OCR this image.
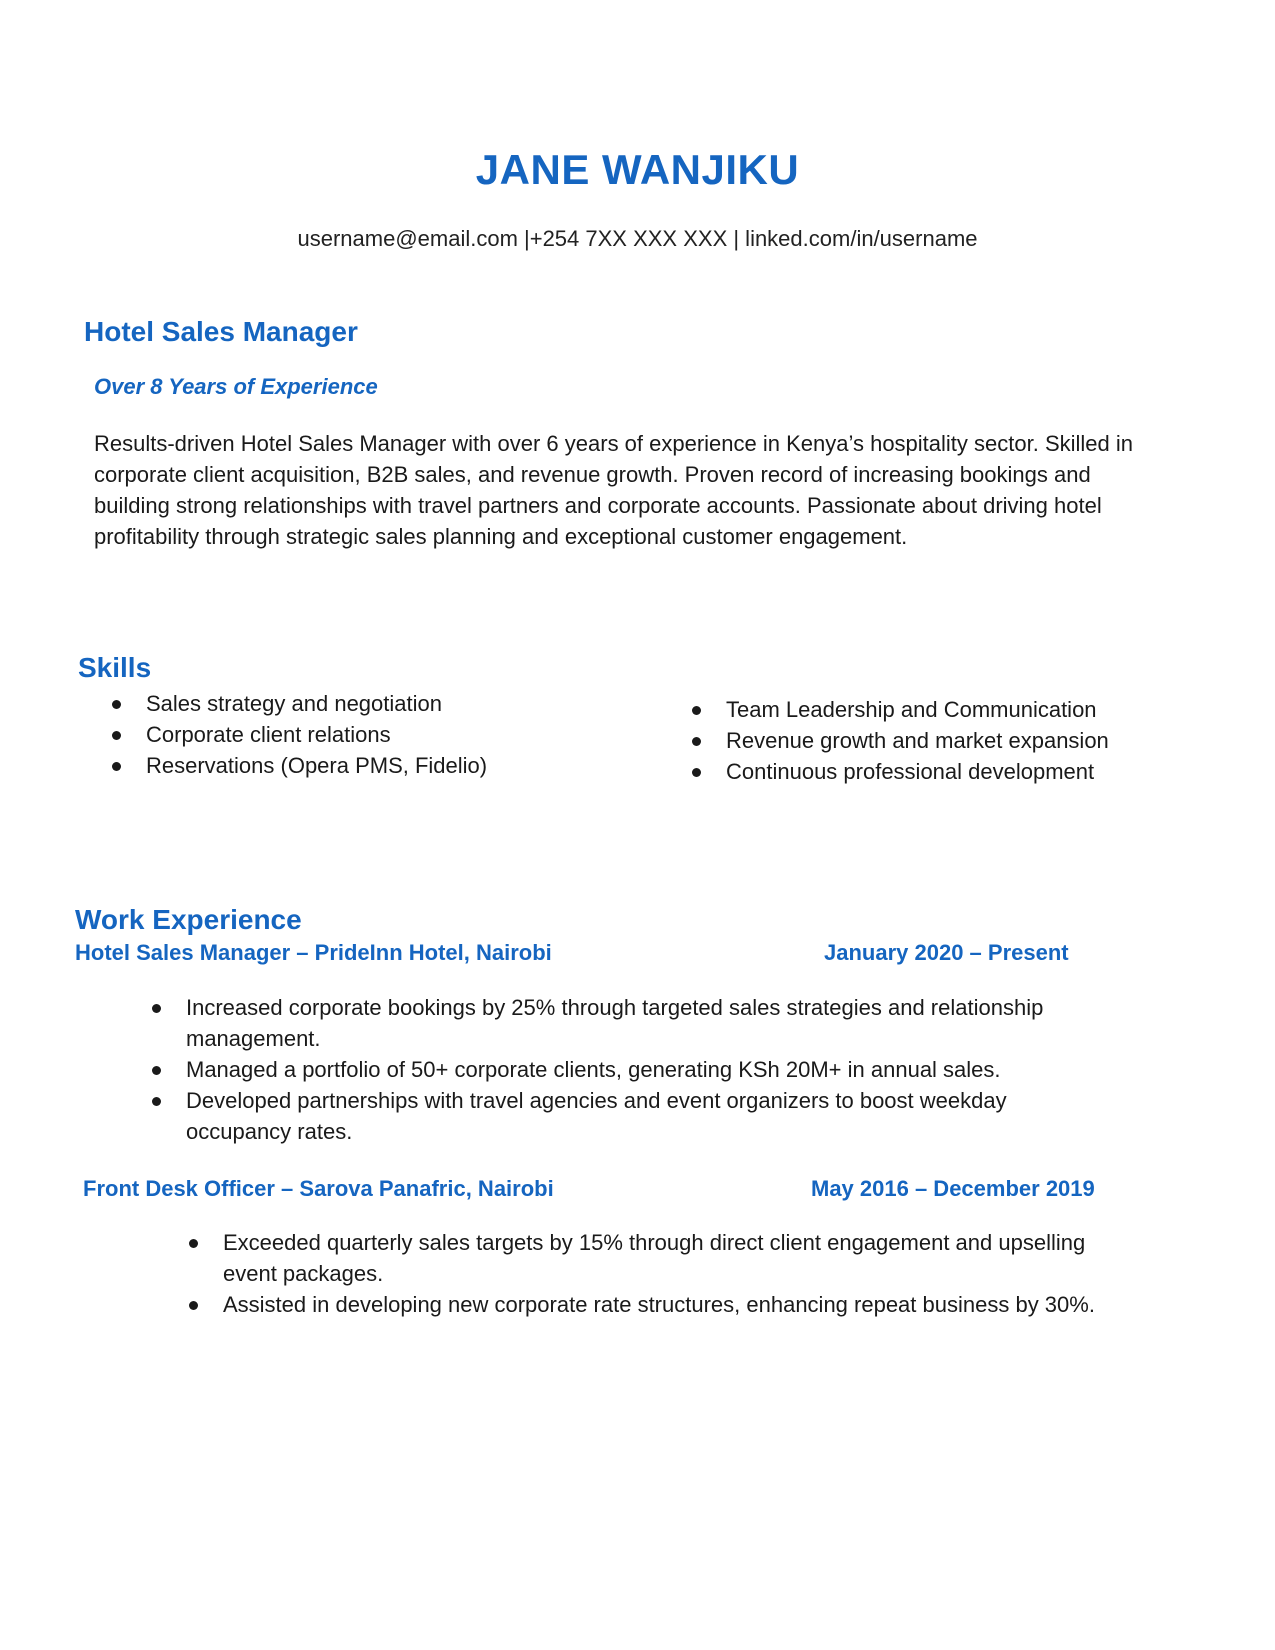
JANE WANJIKU
username@email.com |+254 7XX XXX XXX | linked.com/in/username
Hotel Sales Manager
Over 8 Years of Experience
Results-driven Hotel Sales Manager with over 6 years of experience in Kenya’s hospitality sector. Skilled in corporate client acquisition, B2B sales, and revenue growth. Proven record of increasing bookings and building strong relationships with travel partners and corporate accounts. Passionate about driving hotel profitability through strategic sales planning and exceptional customer engagement.
Skills
Sales strategy and negotiation
Corporate client relations
Reservations (Opera PMS, Fidelio)
Team Leadership and Communication
Revenue growth and market expansion
Continuous professional development
Work Experience
Hotel Sales Manager – PrideInn Hotel, Nairobi	January 2020 – Present
Increased corporate bookings by 25% through targeted sales strategies and relationship management.
Managed a portfolio of 50+ corporate clients, generating KSh 20M+ in annual sales.
Developed partnerships with travel agencies and event organizers to boost weekday occupancy rates.
Front Desk Officer – Sarova Panafric, Nairobi	May 2016 – December 2019
Exceeded quarterly sales targets by 15% through direct client engagement and upselling event packages.
Assisted in developing new corporate rate structures, enhancing repeat business by 30%.
